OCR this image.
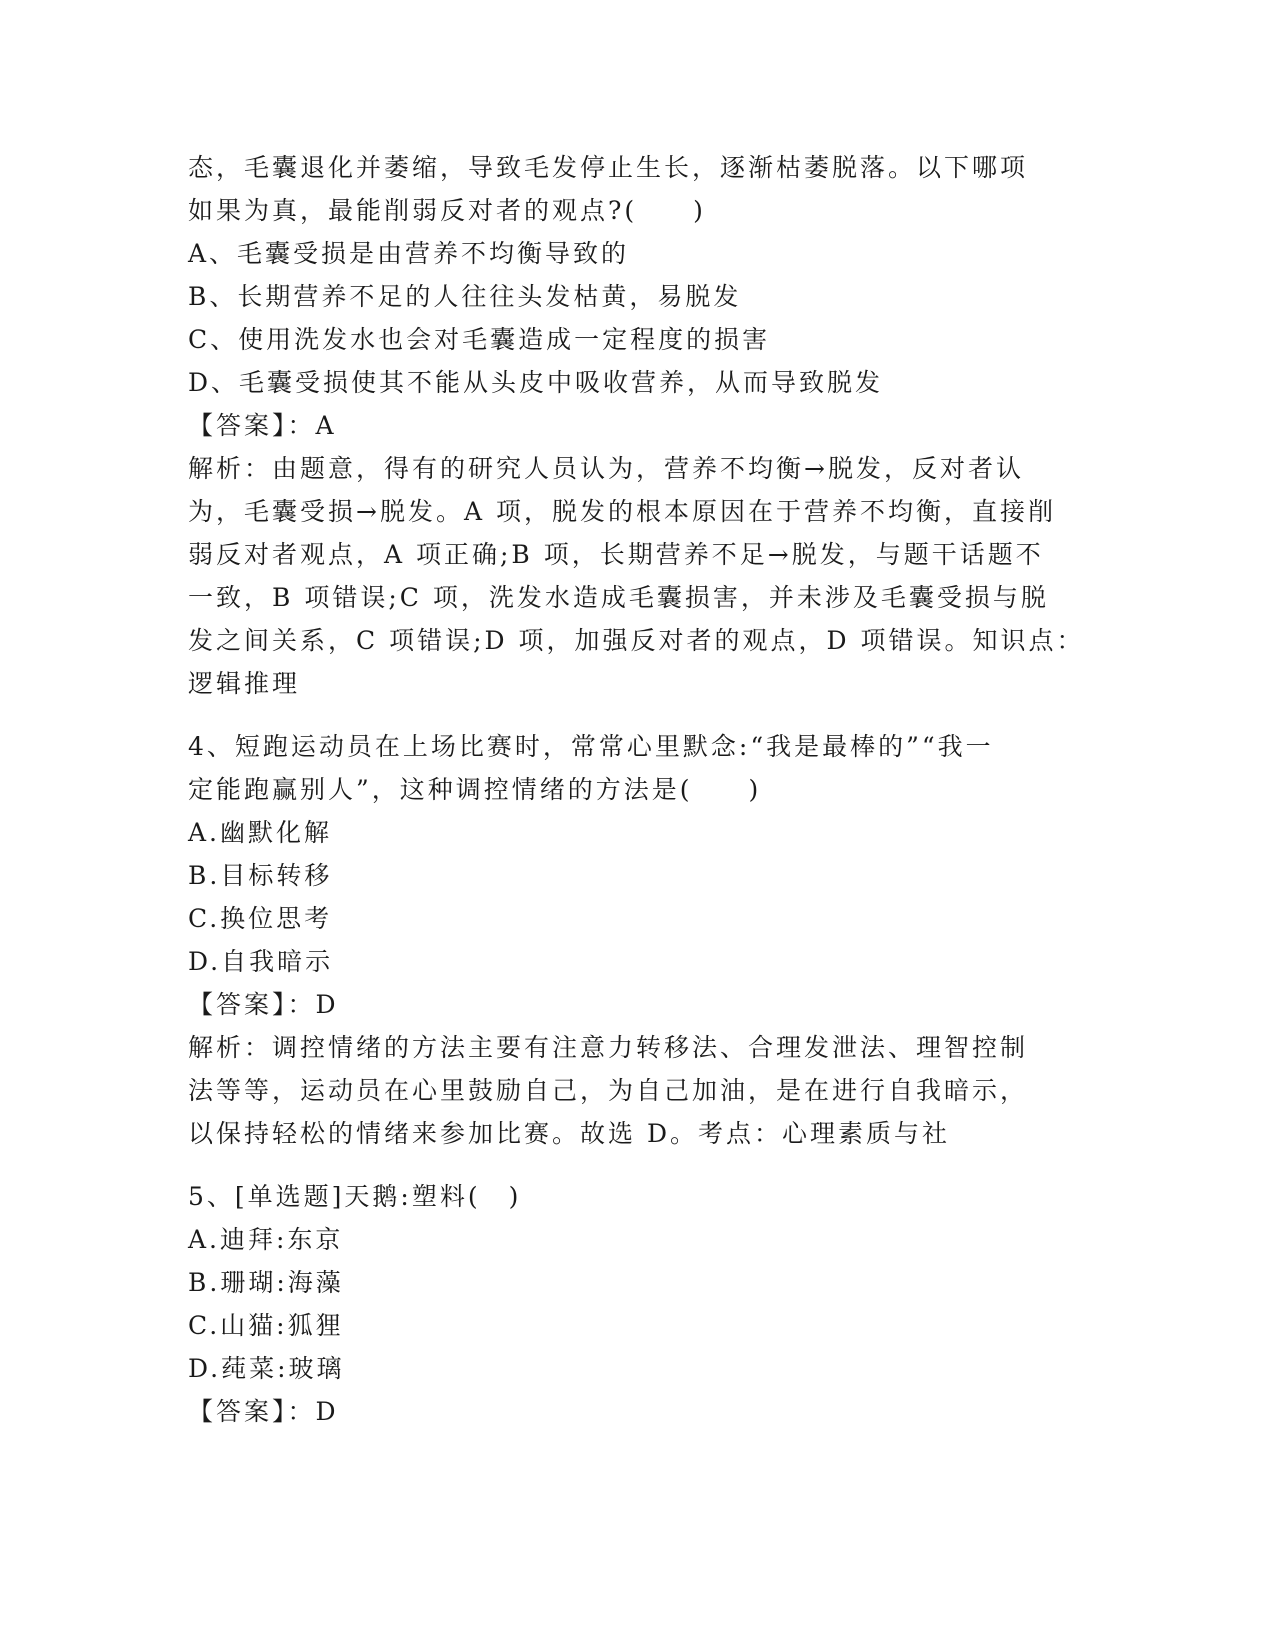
态，毛囊退化并萎缩，导致毛发停止生长，逐渐枯萎脱落。以下哪项
如果为真，最能削弱反对者的观点?(　　)
A、毛囊受损是由营养不均衡导致的
B、长期营养不足的人往往头发枯黄，易脱发
C、使用洗发水也会对毛囊造成一定程度的损害
D、毛囊受损使其不能从头皮中吸收营养，从而导致脱发
【答案】：A
解析：由题意，得有的研究人员认为，营养不均衡→脱发，反对者认
为，毛囊受损→脱发。A 项，脱发的根本原因在于营养不均衡，直接削
弱反对者观点，A 项正确;B 项，长期营养不足→脱发，与题干话题不
一致，B 项错误;C 项，洗发水造成毛囊损害，并未涉及毛囊受损与脱
发之间关系，C 项错误;D 项，加强反对者的观点，D 项错误。知识点：
逻辑推理
4、短跑运动员在上场比赛时，常常心里默念:“我是最棒的”“我一
定能跑赢别人”，这种调控情绪的方法是(　　)
A.幽默化解
B.目标转移
C.换位思考
D.自我暗示
【答案】：D
解析：调控情绪的方法主要有注意力转移法、合理发泄法、理智控制
法等等，运动员在心里鼓励自己，为自己加油，是在进行自我暗示，
以保持轻松的情绪来参加比赛。故选 D。考点：心理素质与社
5、[单选题]天鹅:塑料(　)
A.迪拜:东京
B.珊瑚:海藻
C.山猫:狐狸
D.莼菜:玻璃
【答案】：D
